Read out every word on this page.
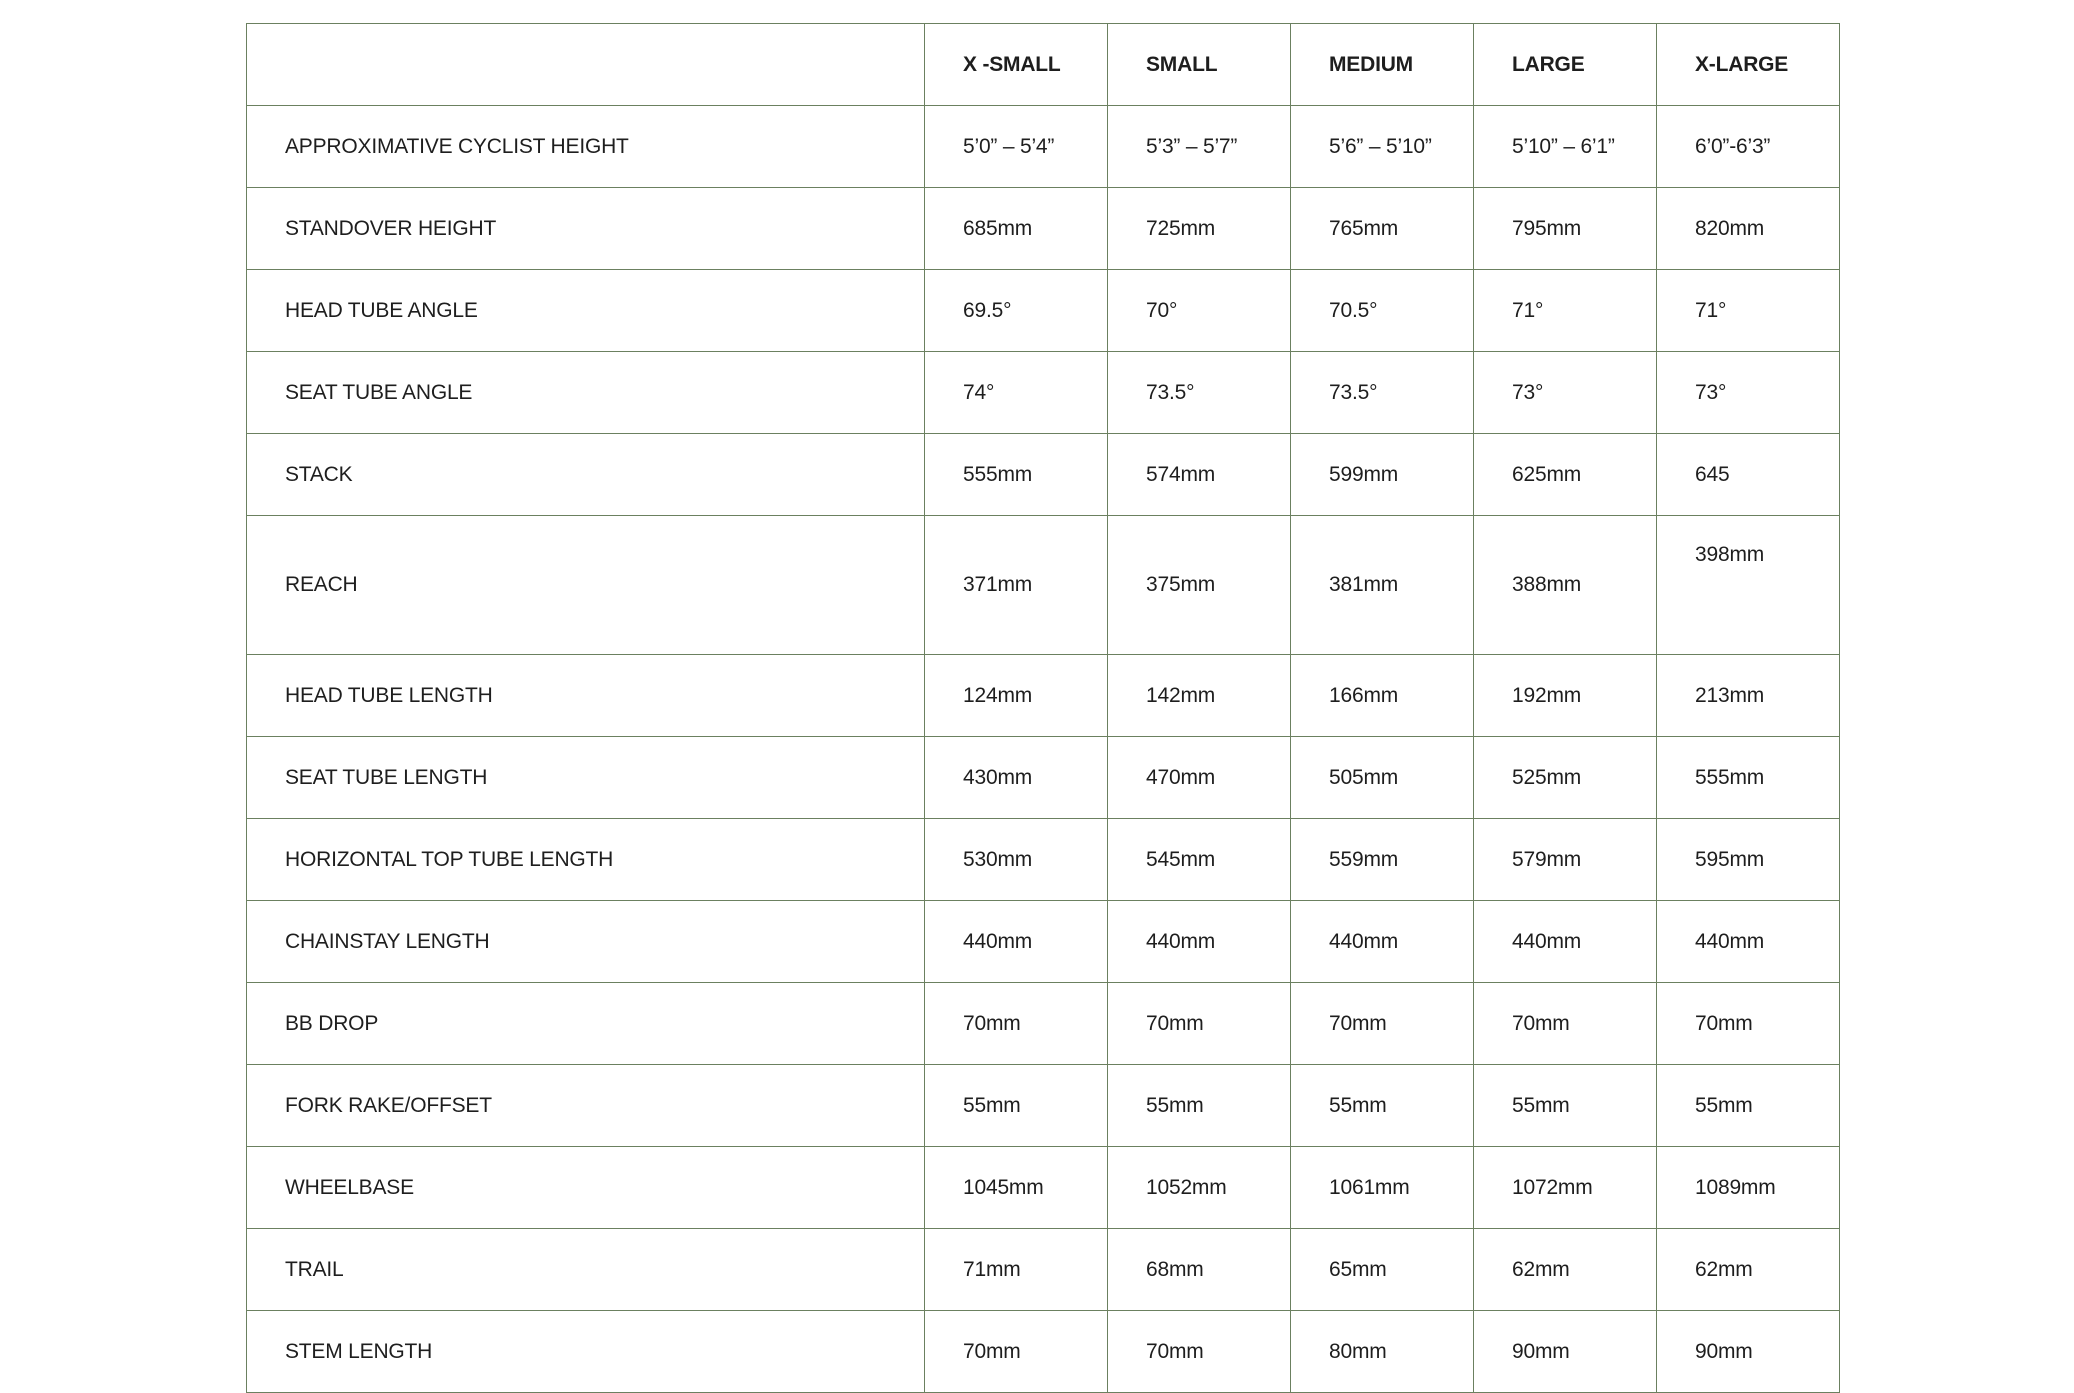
	X -SMALL	SMALL	MEDIUM	LARGE	X-LARGE
APPROXIMATIVE CYCLIST HEIGHT	5’0” – 5’4”	5’3” – 5’7”	5’6” – 5’10”	5’10” – 6’1”	6’0”-6’3”
STANDOVER HEIGHT	685mm	725mm	765mm	795mm	820mm
HEAD TUBE ANGLE	69.5°	70°	70.5°	71°	71°
SEAT TUBE ANGLE	74°	73.5°	73.5°	73°	73°
STACK	555mm	574mm	599mm	625mm	645
REACH	371mm	375mm	381mm	388mm	398mm
HEAD TUBE LENGTH	124mm	142mm	166mm	192mm	213mm
SEAT TUBE LENGTH	430mm	470mm	505mm	525mm	555mm
HORIZONTAL TOP TUBE LENGTH	530mm	545mm	559mm	579mm	595mm
CHAINSTAY LENGTH	440mm	440mm	440mm	440mm	440mm
BB DROP	70mm	70mm	70mm	70mm	70mm
FORK RAKE/OFFSET	55mm	55mm	55mm	55mm	55mm
WHEELBASE	1045mm	1052mm	1061mm	1072mm	1089mm
TRAIL	71mm	68mm	65mm	62mm	62mm
STEM LENGTH	70mm	70mm	80mm	90mm	90mm
